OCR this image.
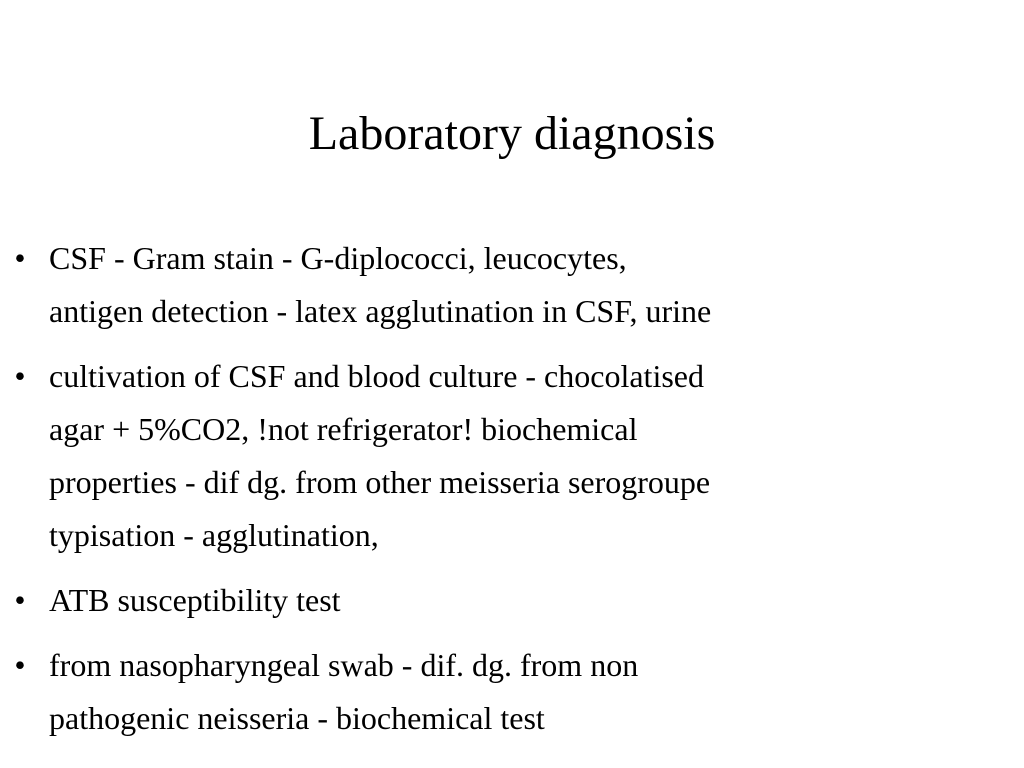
Laboratory diagnosis
• CSF - Gram stain - G-diplococci, leucocytes,
antigen detection - latex agglutination in CSF, urine
• cultivation of CSF and blood culture - chocolatised
agar + 5%CO2, !not refrigerator! biochemical
properties - dif dg. from other meisseria serogroupe
typisation - agglutination,
• ATB susceptibility test
• from nasopharyngeal swab - dif. dg. from non
pathogenic neisseria - biochemical test
